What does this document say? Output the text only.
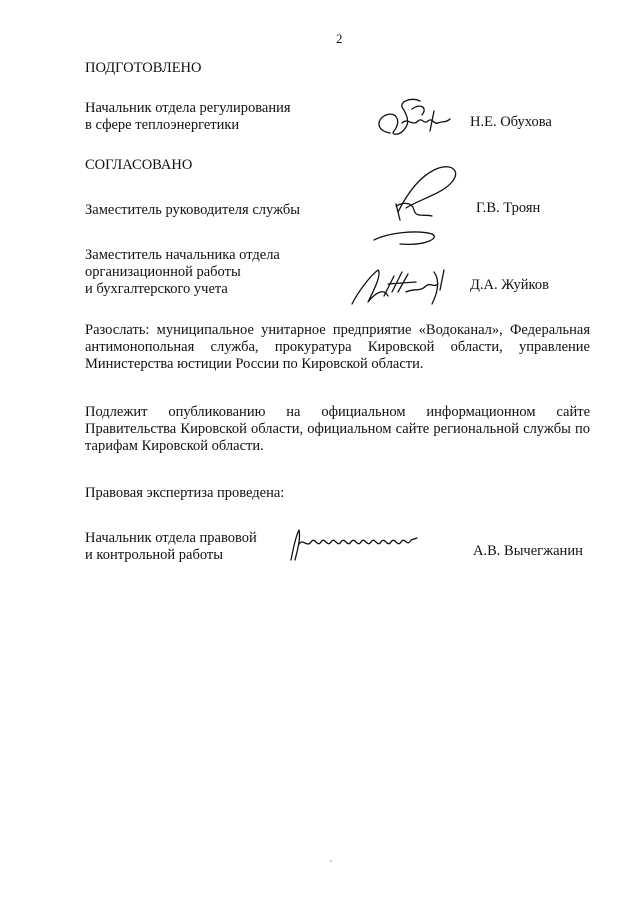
2
ПОДГОТОВЛЕНО
Начальник отдела регулирования
в сфере теплоэнергетики	Н.Е. Обухова
СОГЛАСОВАНО
Заместитель руководителя службы	Г.В. Троян
Заместитель начальника отдела
организационной работы
и бухгалтерского учета	Д.А. Жуйков
Разослать: муниципальное унитарное предприятие «Водоканал», Федеральная антимонопольная служба, прокуратура Кировской области, управление Министерства юстиции России по Кировской области.
Подлежит опубликованию на официальном информационном сайте Правительства Кировской области, официальном сайте региональной службы по тарифам Кировской области.
Правовая экспертиза проведена:
Начальник отдела правовой
и контрольной работы	А.В. Вычегжанин
